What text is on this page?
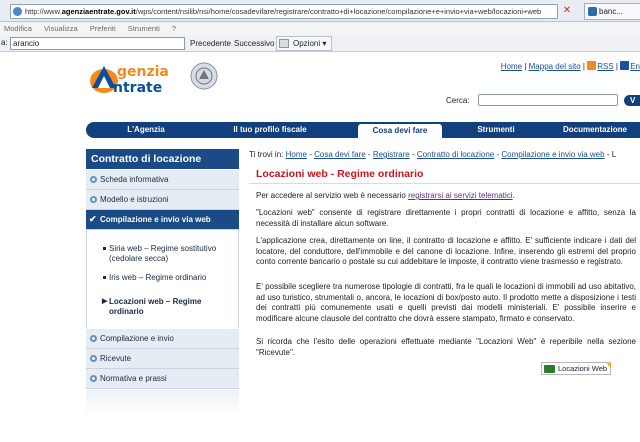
http://www.agenziaentrate.gov.it/wps/content/nsilib/nsi/home/cosadevifare/registrare/contratto+di+locazione/compilazione+e+invio+via+web/locazioni+web	✕	banc...
Modifica Visualizza Preferiti Strumenti ?
a: arancio	Precedente Successivo	Opzioni ▾
genzia
ntrate
Home | Mappa del sito | RSS | En
Cerca:	V
L'Agenzia	Il tuo profilo fiscale	Cosa devi fare	Strumenti	Documentazione
Contratto di locazione
Scheda informativa
Modello e istruzioni
✔ Compilazione e invio via web
Siria web – Regime sostitutivo (cedolare secca)
Iris web – Regime ordinario
▶ Locazioni web – Regime ordinario
Compilazione e invio
Ricevute
Normativa e prassi
Ti trovi in: Home - Cosa devi fare - Registrare - Contratto di locazione - Compilazione e invio via web - L
Locazioni web - Regime ordinario
Per accedere al servizio web è necessario registrarsi ai servizi telematici.
"Locazioni web" consente di registrare direttamente i propri contratti di locazione e affitto, senza la necessità di installare alcun software.
L'applicazione crea, direttamente on line, il contratto di locazione e affitto. E' sufficiente indicare i dati del locatore, del conduttore, dell'immobile e del canone di locazione. Infine, inserendo gli estremi del proprio conto corrente bancario o postale su cui addebitare le imposte, il contratto viene trasmesso e registrato.
E' possibile scegliere tra numerose tipologie di contratti, fra le quali le locazioni di immobili ad uso abitativo, ad uso turistico, strumentali o, ancora, le locazioni di box/posto auto. Il prodotto mette a disposizione i testi dei contratti più comunemente usati e quelli previsti dai modelli ministeriali. E' possibile inserire e modificare alcune clausole del contratto che dovrà essere stampato, firmato e conservato.
Si ricorda che l'esito delle operazioni effettuate mediante "Locazioni Web" è reperibile nella sezione "Ricevute".
Locazioni Web
★
